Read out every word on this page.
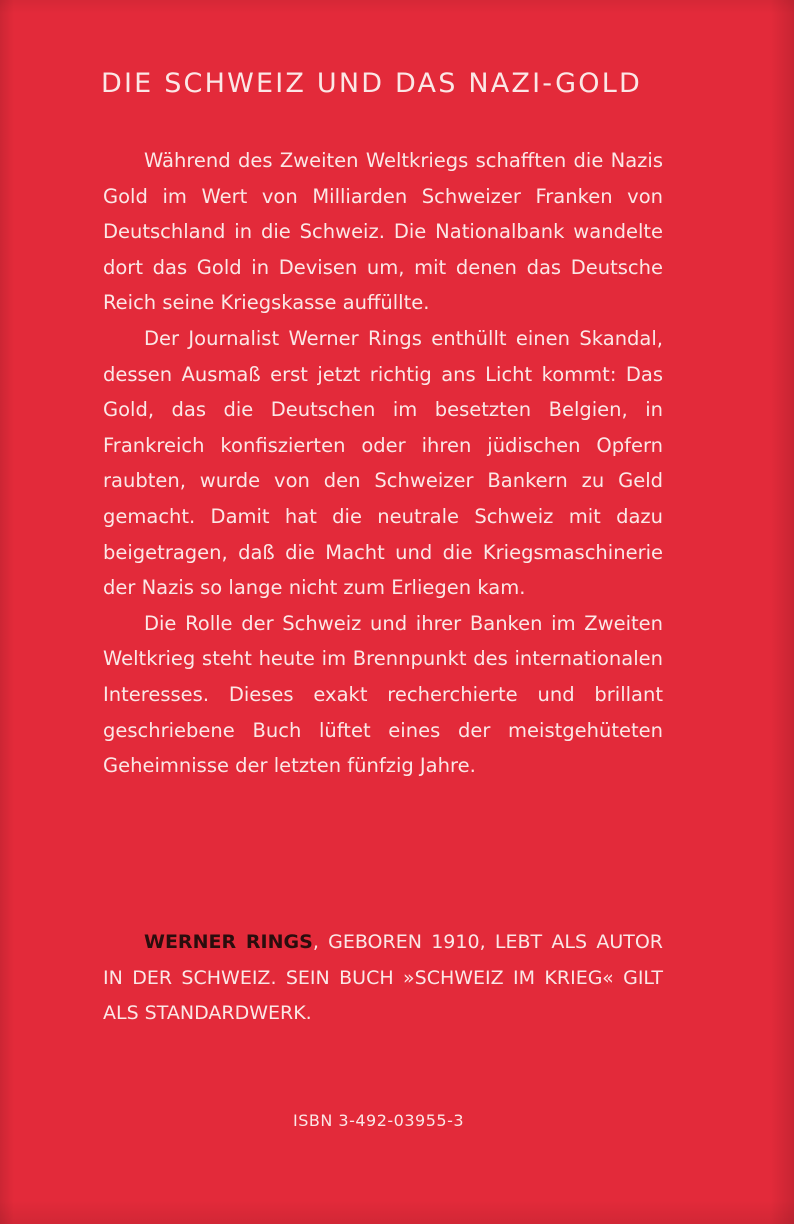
DIE SCHWEIZ UND DAS NAZI-GOLD

Während des Zweiten Weltkriegs schafften die Nazis Gold im Wert von Milliarden Schweizer Franken von Deutschland in die Schweiz. Die Nationalbank wandelte dort das Gold in Devisen um, mit denen das Deutsche Reich seine Kriegskasse auffüllte.

Der Journalist Werner Rings enthüllt einen Skandal, dessen Ausmaß erst jetzt richtig ans Licht kommt: Das Gold, das die Deutschen im besetzten Belgien, in Frankreich konfiszierten oder ihren jüdischen Opfern raubten, wurde von den Schweizer Bankern zu Geld gemacht. Damit hat die neutrale Schweiz mit dazu beigetragen, daß die Macht und die Kriegsmaschinerie der Nazis so lange nicht zum Erliegen kam.

Die Rolle der Schweiz und ihrer Banken im Zweiten Weltkrieg steht heute im Brennpunkt des internationalen Interesses. Dieses exakt recherchierte und brillant geschriebene Buch lüftet eines der meistgehüteten Geheimnisse der letzten fünfzig Jahre.

WERNER RINGS, GEBOREN 1910, LEBT ALS AUTOR IN DER SCHWEIZ. SEIN BUCH »SCHWEIZ IM KRIEG« GILT ALS STANDARDWERK.

ISBN 3-492-03955-3
